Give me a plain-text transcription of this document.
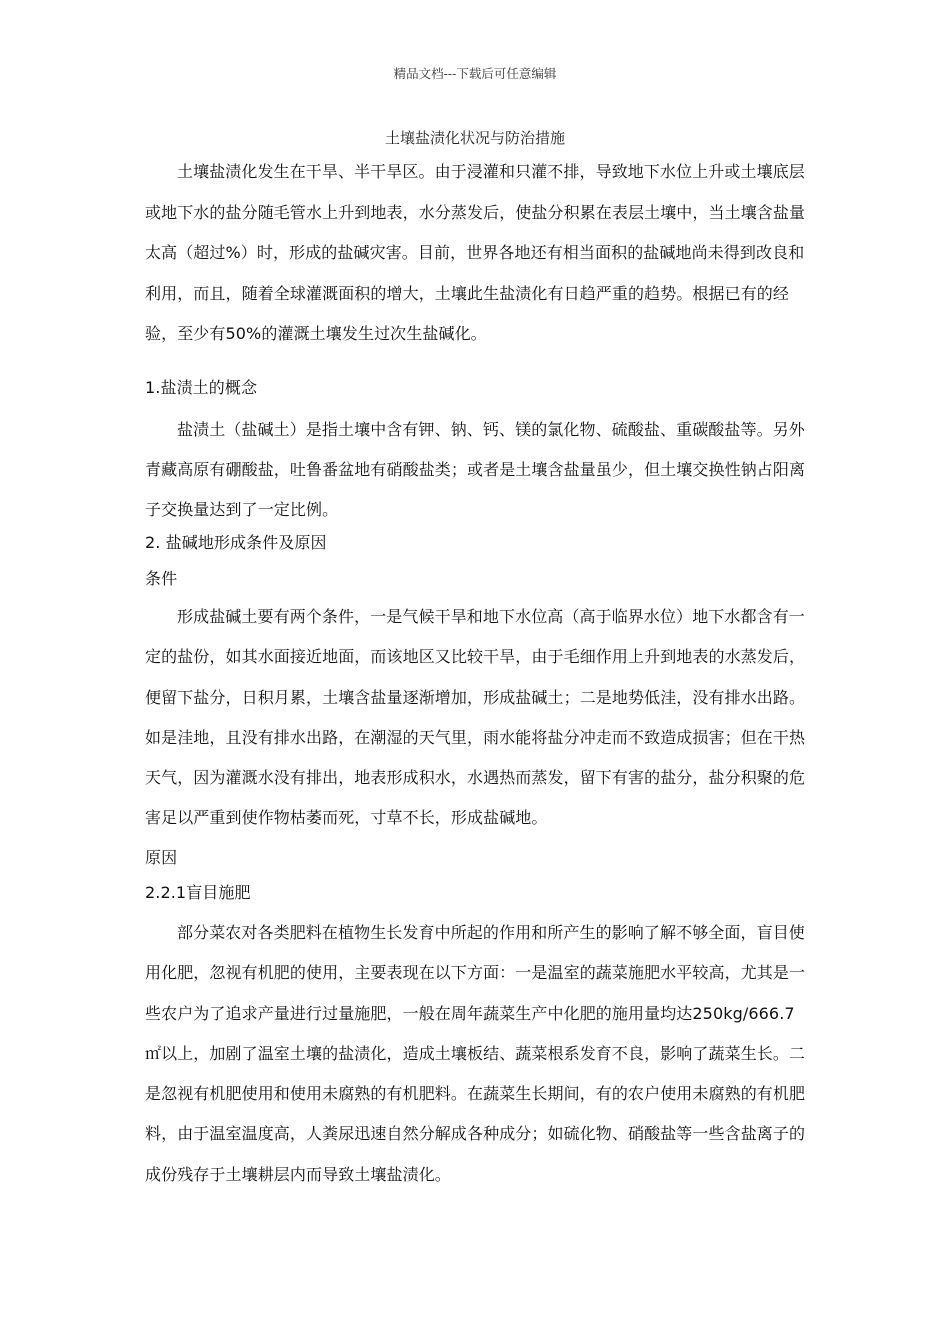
精品文档---下载后可任意编辑
土壤盐渍化状况与防治措施
土壤盐渍化发生在干旱、半干旱区。由于浸灌和只灌不排，导致地下水位上升或土壤底层或地下水的盐分随毛管水上升到地表，水分蒸发后，使盐分积累在表层土壤中，当土壤含盐量太高（超过%）时，形成的盐碱灾害。目前，世界各地还有相当面积的盐碱地尚未得到改良和利用，而且，随着全球灌溉面积的增大，土壤此生盐渍化有日趋严重的趋势。根据已有的经验，至少有50%的灌溉土壤发生过次生盐碱化。
1.盐渍土的概念
盐渍土（盐碱土）是指土壤中含有钾、钠、钙、镁的氯化物、硫酸盐、重碳酸盐等。另外青藏高原有硼酸盐，吐鲁番盆地有硝酸盐类；或者是土壤含盐量虽少，但土壤交换性钠占阳离子交换量达到了一定比例。
2. 盐碱地形成条件及原因
条件
形成盐碱土要有两个条件，一是气候干旱和地下水位高（高于临界水位）地下水都含有一定的盐份，如其水面接近地面，而该地区又比较干旱，由于毛细作用上升到地表的水蒸发后，便留下盐分，日积月累，土壤含盐量逐渐增加，形成盐碱土；二是地势低洼，没有排水出路。如是洼地，且没有排水出路，在潮湿的天气里，雨水能将盐分冲走而不致造成损害；但在干热天气，因为灌溉水没有排出，地表形成积水，水遇热而蒸发，留下有害的盐分，盐分积聚的危害足以严重到使作物枯萎而死，寸草不长，形成盐碱地。
原因
2.2.1盲目施肥
部分菜农对各类肥料在植物生长发育中所起的作用和所产生的影响了解不够全面，盲目使用化肥，忽视有机肥的使用，主要表现在以下方面：一是温室的蔬菜施肥水平较高，尤其是一些农户为了追求产量进行过量施肥，一般在周年蔬菜生产中化肥的施用量均达250kg/666.7㎡以上，加剧了温室土壤的盐渍化，造成土壤板结、蔬菜根系发育不良，影响了蔬菜生长。二是忽视有机肥使用和使用未腐熟的有机肥料。在蔬菜生长期间，有的农户使用未腐熟的有机肥料，由于温室温度高，人粪尿迅速自然分解成各种成分；如硫化物、硝酸盐等一些含盐离子的成份残存于土壤耕层内而导致土壤盐渍化。
